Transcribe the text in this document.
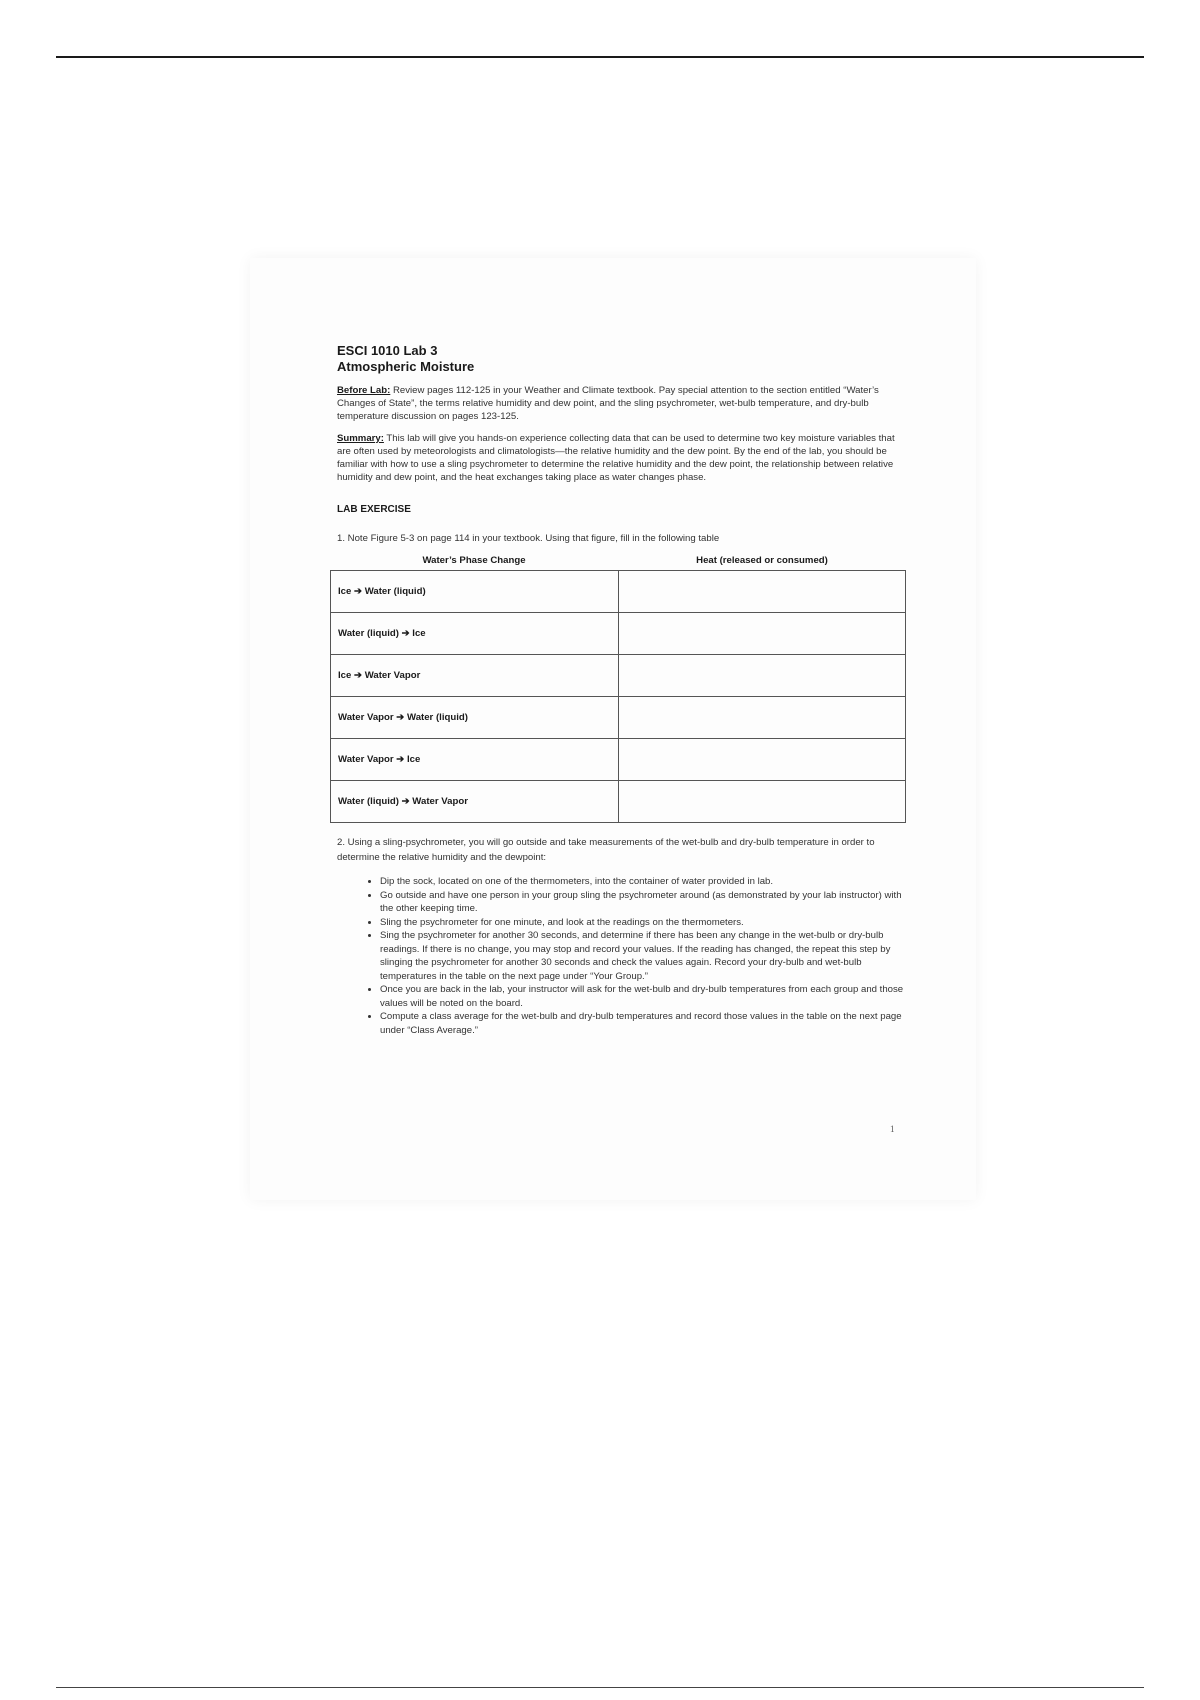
ESCI 1010 Lab 3
Atmospheric Moisture

Before Lab: Review pages 112-125 in your Weather and Climate textbook. Pay special attention to the section entitled “Water’s Changes of State”, the terms relative humidity and dew point, and the sling psychrometer, wet-bulb temperature, and dry-bulb temperature discussion on pages 123-125.

Summary: This lab will give you hands-on experience collecting data that can be used to determine two key moisture variables that are often used by meteorologists and climatologists—the relative humidity and the dew point. By the end of the lab, you should be familiar with how to use a sling psychrometer to determine the relative humidity and the dew point, the relationship between relative humidity and dew point, and the heat exchanges taking place as water changes phase.

LAB EXERCISE
1. Note Figure 5-3 on page 114 in your textbook. Using that figure, fill in the following table
Water’s Phase Change	Heat (released or consumed)
Ice ➔ Water (liquid)	
Water (liquid) ➔ Ice	
Ice ➔ Water Vapor	
Water Vapor ➔ Water (liquid)	
Water Vapor ➔ Ice	
Water (liquid) ➔ Water Vapor	
2. Using a sling-psychrometer, you will go outside and take measurements of the wet-bulb and dry-bulb temperature in order to determine the relative humidity and the dewpoint:
• Dip the sock, located on one of the thermometers, into the container of water provided in lab.
• Go outside and have one person in your group sling the psychrometer around (as demonstrated by your lab instructor) with the other keeping time.
• Sling the psychrometer for one minute, and look at the readings on the thermometers.
• Sing the psychrometer for another 30 seconds, and determine if there has been any change in the wet-bulb or dry-bulb readings. If there is no change, you may stop and record your values. If the reading has changed, the repeat this step by slinging the psychrometer for another 30 seconds and check the values again. Record your dry-bulb and wet-bulb temperatures in the table on the next page under “Your Group.”
• Once you are back in the lab, your instructor will ask for the wet-bulb and dry-bulb temperatures from each group and those values will be noted on the board.
• Compute a class average for the wet-bulb and dry-bulb temperatures and record those values in the table on the next page under “Class Average.”
1
